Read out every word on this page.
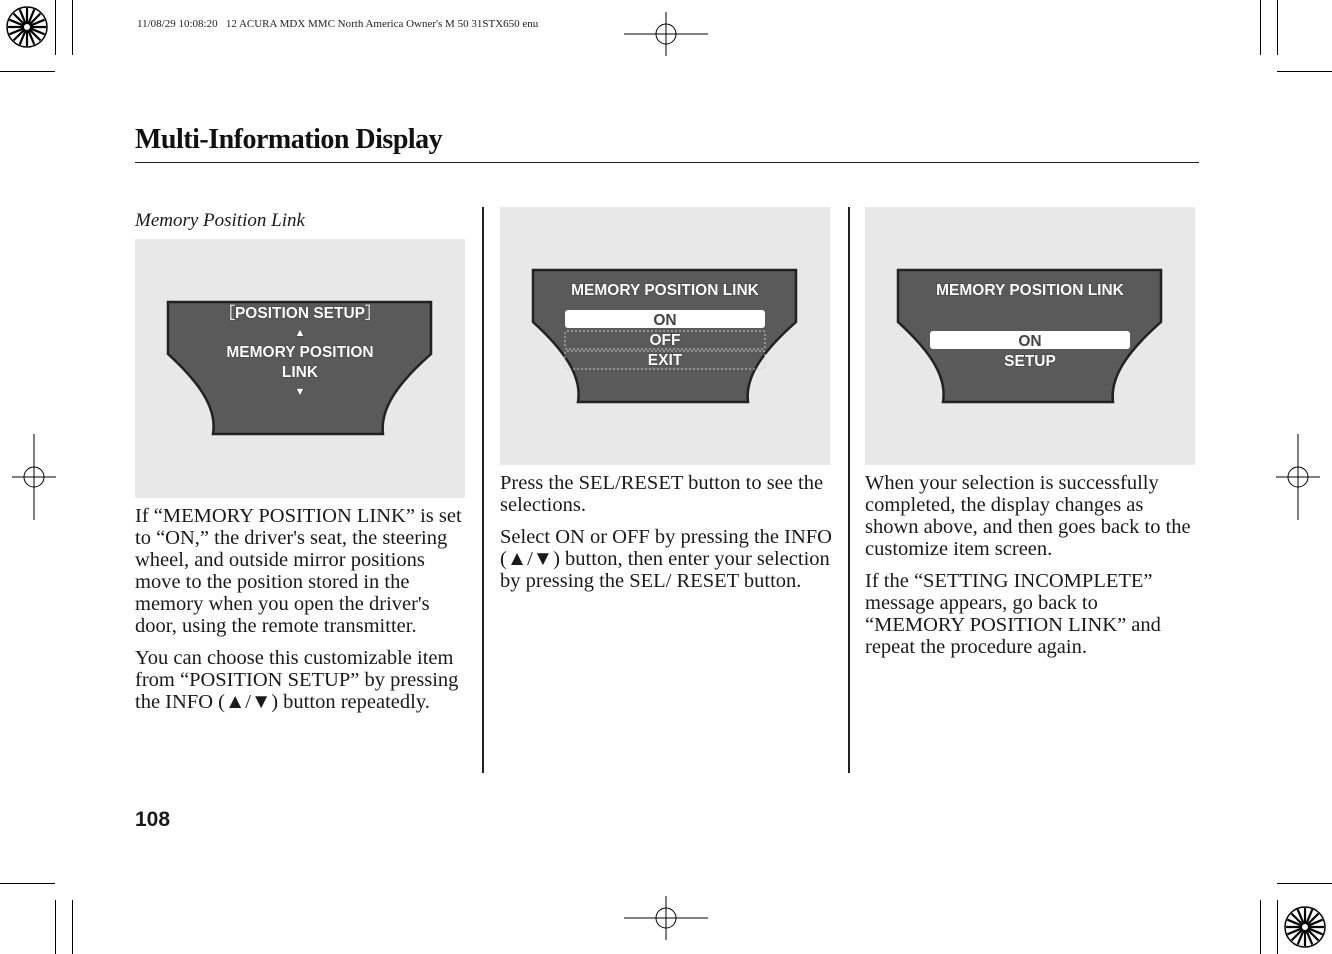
11/08/29 10:08:20   12 ACURA MDX MMC North America Owner's M 50 31STX650 enu
Multi-Information Display
Memory Position Link
［POSITION SETUP］
▲
MEMORY POSITION
LINK
▼

If “MEMORY POSITION LINK” is set to “ON,” the driver's seat, the steering wheel, and outside mirror positions move to the position stored in the memory when you open the driver's door, using the remote transmitter.

You can choose this customizable item from “POSITION SETUP” by pressing the INFO (▲/▼) button repeatedly.

MEMORY POSITION LINK
ON
OFF
EXIT

Press the SEL/RESET button to see the selections.

Select ON or OFF by pressing the INFO (▲/▼) button, then enter your selection by pressing the SEL/ RESET button.

MEMORY POSITION LINK
ON
SETUP

When your selection is successfully completed, the display changes as shown above, and then goes back to the customize item screen.

If the “SETTING INCOMPLETE” message appears, go back to “MEMORY POSITION LINK” and repeat the procedure again.

108
